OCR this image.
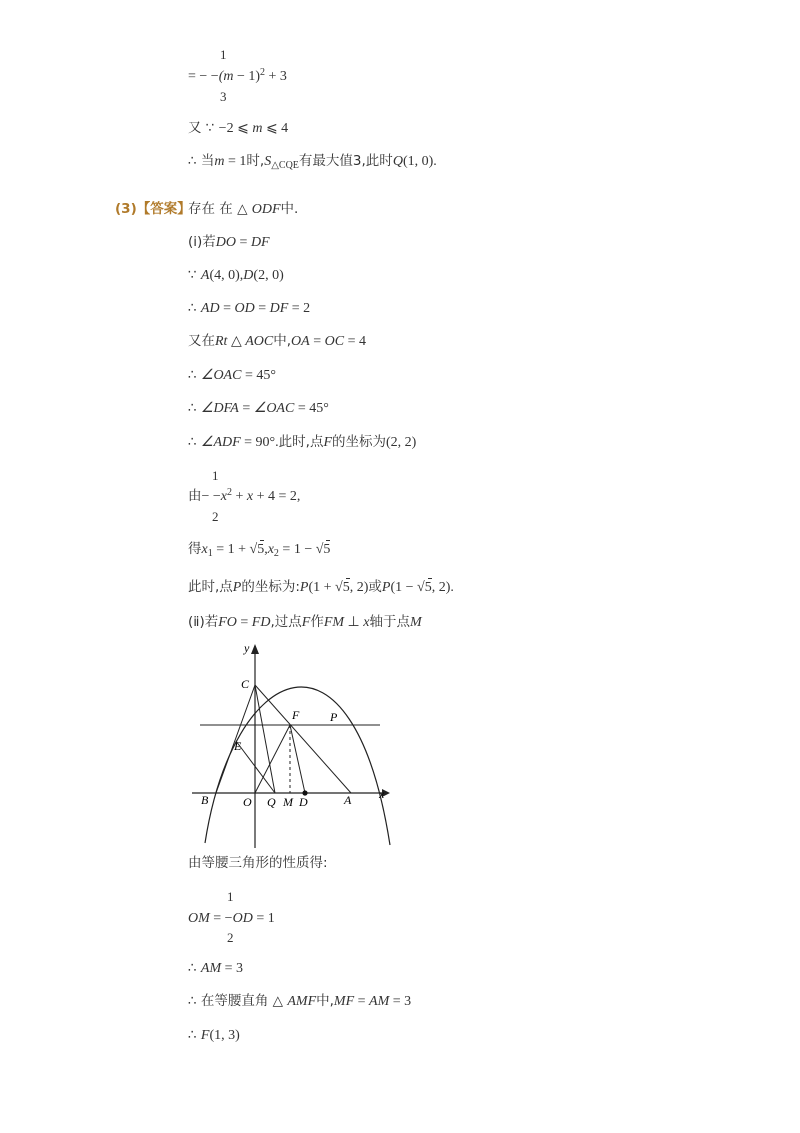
1
3
= − $-(m - 1)^2 + 3$
又 ∵ −2 ⩽ m ⩽ 4
∴ 当m = 1时$,S_{\triangle CQE}$有最大值3,此时Q(1, 0).
(3)【答案】
存在 在 △ ODF中.
(ⅰ)若DO = DF
∵ A(4, 0),D(2, 0)
∴ AD = OD = DF = 2
又在Rt △ AOC中,OA = OC = 4
∴ ∠OAC = 45°
∴ ∠DFA = ∠OAC = 45°
∴ ∠ADF = 90°.此时,点F的坐标为(2, 2)
1
2
由− $-x^2 + x + 4 = 2$,
得$x_1 = 1 + √5,x_2 = 1 - √5$
此时,点P的坐标为:P(1 + √5, 2)或P(1 − √5, 2).
(ⅱ)若FO = FD,过点F作FM ⊥ x轴于点M
y
x
C
F	P
E
B	O Q M D	A
由等腰三角形的性质得:
1
2
OM = −OD = 1
∴ AM = 3
∴ 在等腰直角 △ AMF中,MF = AM = 3
∴ F(1, 3)
